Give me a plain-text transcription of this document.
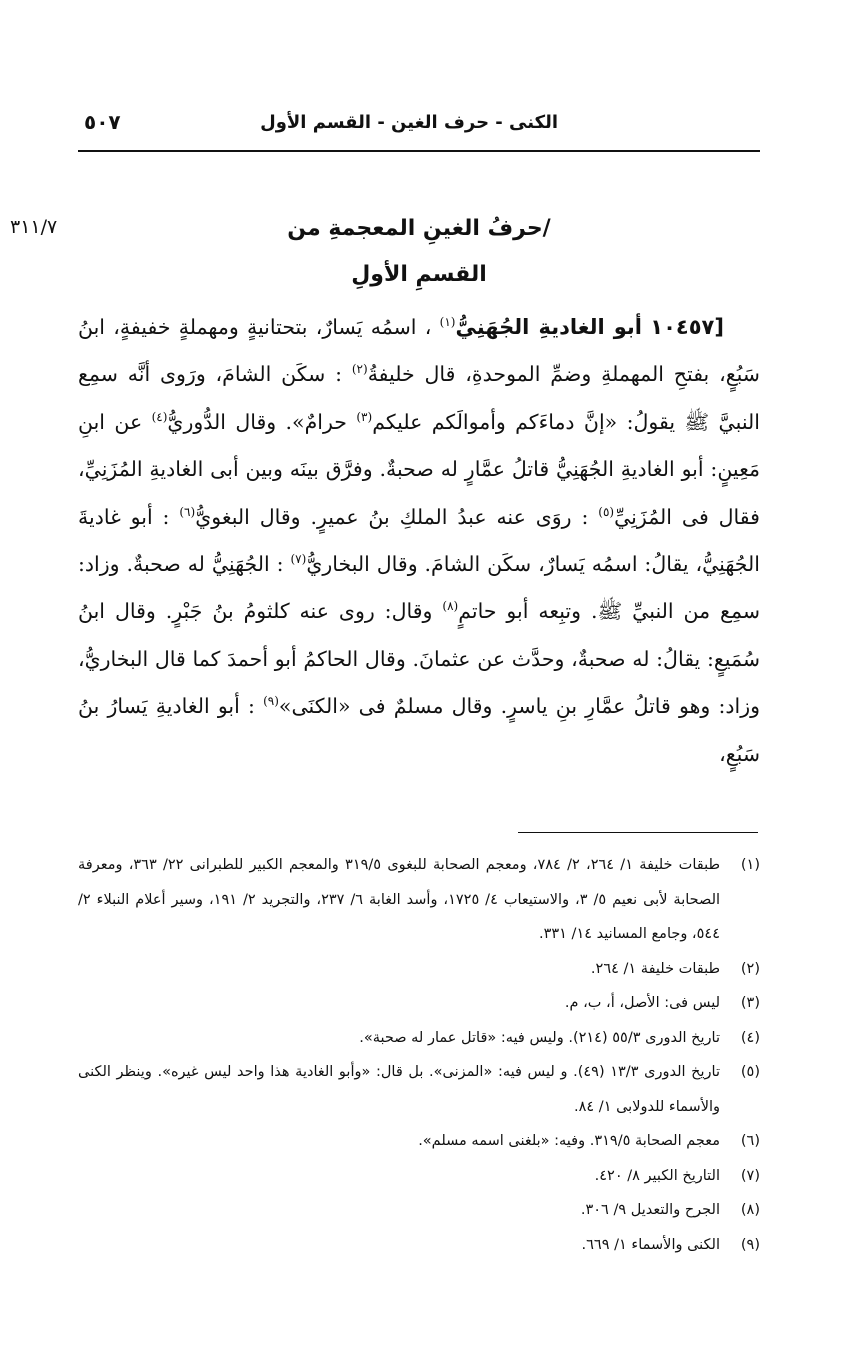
الكنى - حرف الغين - القسم الأول
٥٠٧
٣١١/٧	/حرفُ الغينِ المعجمةِ من
القسمِ الأولِ

[١٠٤٥٧ أبو الغاديةِ الجُهَنِيُّ$^{(١)}$ ، اسمُه يَسارٌ، بتحتانيةٍ ومهملةٍ خفيفةٍ، ابنُ سَبُعٍ، بفتحِ المهملةِ وضمِّ الموحدةِ، قال خليفةُ$^{(٢)}$ : سكَن الشامَ، ورَوى أنَّه سمِع النبيَّ ﷺ يقولُ: «إنَّ دماءَكم وأموالَكم عليكم$^{(٣)}$ حرامٌ». وقال الدُّوريُّ$^{(٤)}$ عن ابنِ مَعِينٍ: أبو الغاديةِ الجُهَنِيُّ قاتلُ عمَّارٍ له صحبةٌ. وفرَّق بينَه وبين أبى الغاديةِ المُزَنِيِّ، فقال فى المُزَنِيِّ$^{(٥)}$ : روَى عنه عبدُ الملكِ بنُ عميرٍ. وقال البغويُّ$^{(٦)}$ : أبو غاديةَ الجُهَنِيُّ، يقالُ: اسمُه يَسارٌ، سكَن الشامَ. وقال البخاريُّ$^{(٧)}$ : الجُهَنِيُّ له صحبةٌ. وزاد: سمِع من النبيِّ ﷺ. وتبِعه أبو حاتمٍ$^{(٨)}$ وقال: روى عنه كلثومُ بنُ جَبْرٍ. وقال ابنُ سُمَيعٍ: يقالُ: له صحبةٌ، وحدَّث عن عثمانَ. وقال الحاكمُ أبو أحمدَ كما قال البخاريُّ، وزاد: وهو قاتلُ عمَّارِ بنِ ياسرٍ. وقال مسلمٌ فى «الكنَى»$^{(٩)}$ : أبو الغاديةِ يَسارُ بنُ سَبُعٍ،

(١)طبقات خليفة ١/ ٢٦٤، ٢/ ٧٨٤، ومعجم الصحابة للبغوى ٣١٩/٥ والمعجم الكبير للطبرانى ٢٢/ ٣٦٣، ومعرفة الصحابة لأبى نعيم ٥/ ٣، والاستيعاب ٤/ ١٧٢٥، وأسد الغابة ٦/ ٢٣٧، والتجريد ٢/ ١٩١، وسير أعلام النبلاء ٢/ ٥٤٤، وجامع المسانيد ١٤/ ٣٣١.
(٢)طبقات خليفة ١/ ٢٦٤.
(٣)ليس فى: الأصل، أ، ب، م.
(٤)تاريخ الدورى ٥٥/٣ (٢١٤). وليس فيه: «قاتل عمار له صحبة».
(٥)تاريخ الدورى ١٣/٣ (٤٩). و ليس فيه: «المزنى». بل قال: «وأبو الغادية هذا واحد ليس غيره». وينظر الكنى والأسماء للدولابى ١/ ٨٤.
(٦)معجم الصحابة ٣١٩/٥. وفيه: «بلغنى اسمه مسلم».
(٧)التاريخ الكبير ٨/ ٤٢٠.
(٨)الجرح والتعديل ٩/ ٣٠٦.
(٩)الكنى والأسماء ١/ ٦٦٩.
